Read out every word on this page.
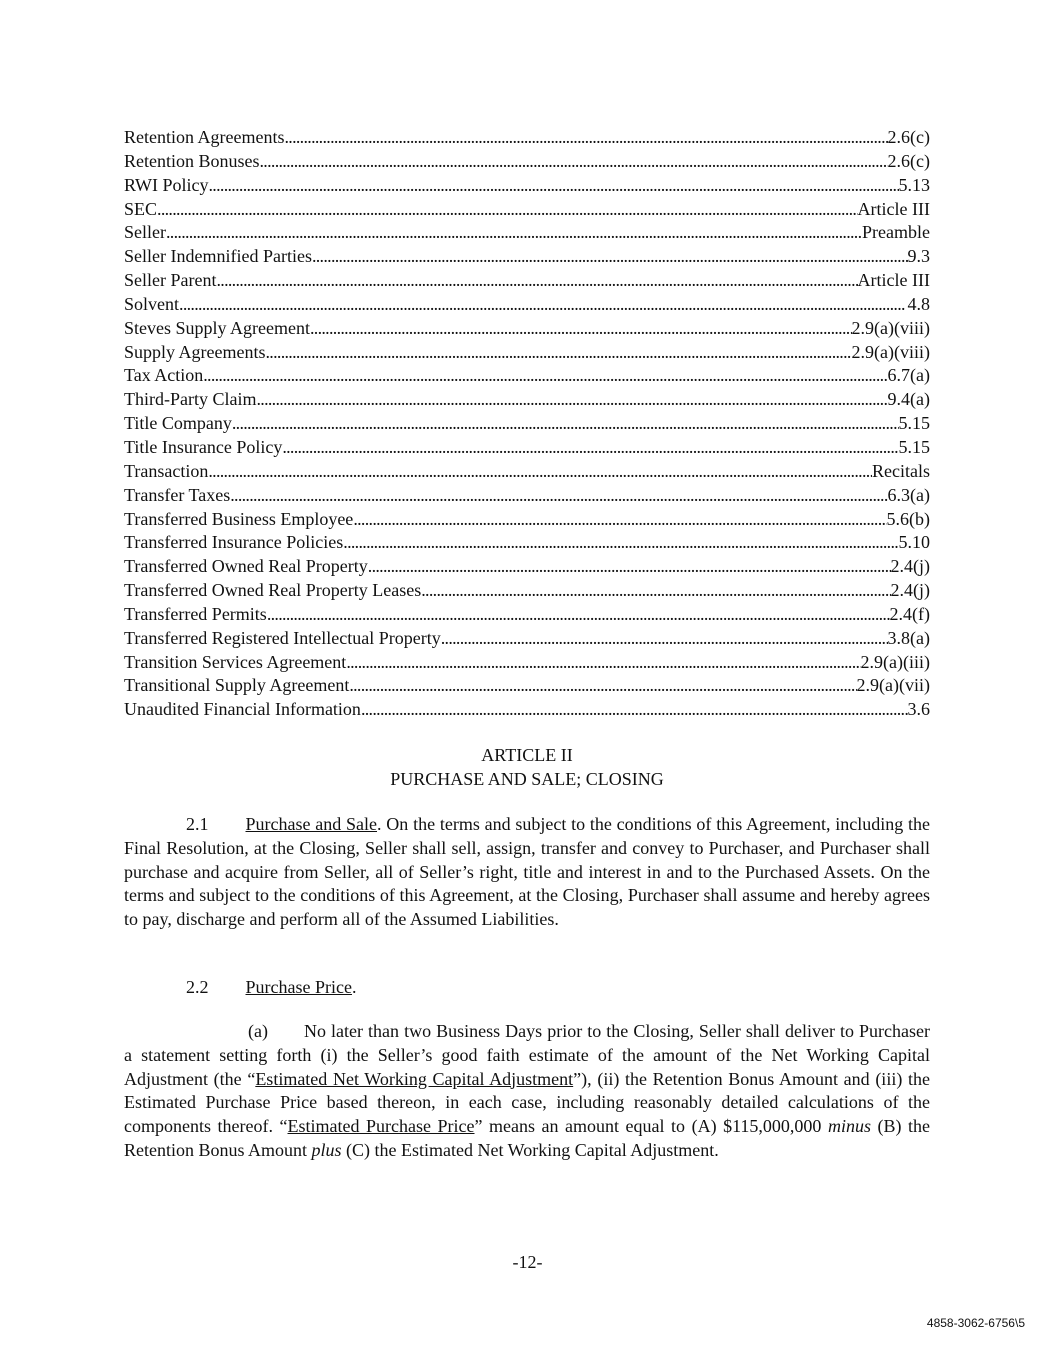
Retention Agreements . . .	2.6(c)
Retention Bonuses . . .	2.6(c)
RWI Policy . . .	5.13
SEC . . .	Article III
Seller . . .	Preamble
Seller Indemnified Parties . . .	9.3
Seller Parent . . .	Article III
Solvent . . .	4.8
Steves Supply Agreement . . .	2.9(a)(viii)
Supply Agreements . . .	2.9(a)(viii)
Tax Action . . .	6.7(a)
Third-Party Claim . . .	9.4(a)
Title Company . . .	5.15
Title Insurance Policy . . .	5.15
Transaction . . .	Recitals
Transfer Taxes . . .	6.3(a)
Transferred Business Employee . . .	5.6(b)
Transferred Insurance Policies . . .	5.10
Transferred Owned Real Property . . .	2.4(j)
Transferred Owned Real Property Leases . . .	2.4(j)
Transferred Permits . . .	2.4(f)
Transferred Registered Intellectual Property . . .	3.8(a)
Transition Services Agreement . . .	2.9(a)(iii)
Transitional Supply Agreement . . .	2.9(a)(vii)
Unaudited Financial Information . . .	3.6
ARTICLE II
PURCHASE AND SALE; CLOSING
2.1 Purchase and Sale. On the terms and subject to the conditions of this Agreement, including the Final Resolution, at the Closing, Seller shall sell, assign, transfer and convey to Purchaser, and Purchaser shall purchase and acquire from Seller, all of Seller’s right, title and interest in and to the Purchased Assets. On the terms and subject to the conditions of this Agreement, at the Closing, Purchaser shall assume and hereby agrees to pay, discharge and perform all of the Assumed Liabilities.
2.2 Purchase Price.
(a) No later than two Business Days prior to the Closing, Seller shall deliver to Purchaser a statement setting forth (i) the Seller’s good faith estimate of the amount of the Net Working Capital Adjustment (the “Estimated Net Working Capital Adjustment”), (ii) the Retention Bonus Amount and (iii) the Estimated Purchase Price based thereon, in each case, including reasonably detailed calculations of the components thereof. “Estimated Purchase Price” means an amount equal to (A) $115,000,000 minus (B) the Retention Bonus Amount plus (C) the Estimated Net Working Capital Adjustment.
-12-
4858-3062-6756\5
